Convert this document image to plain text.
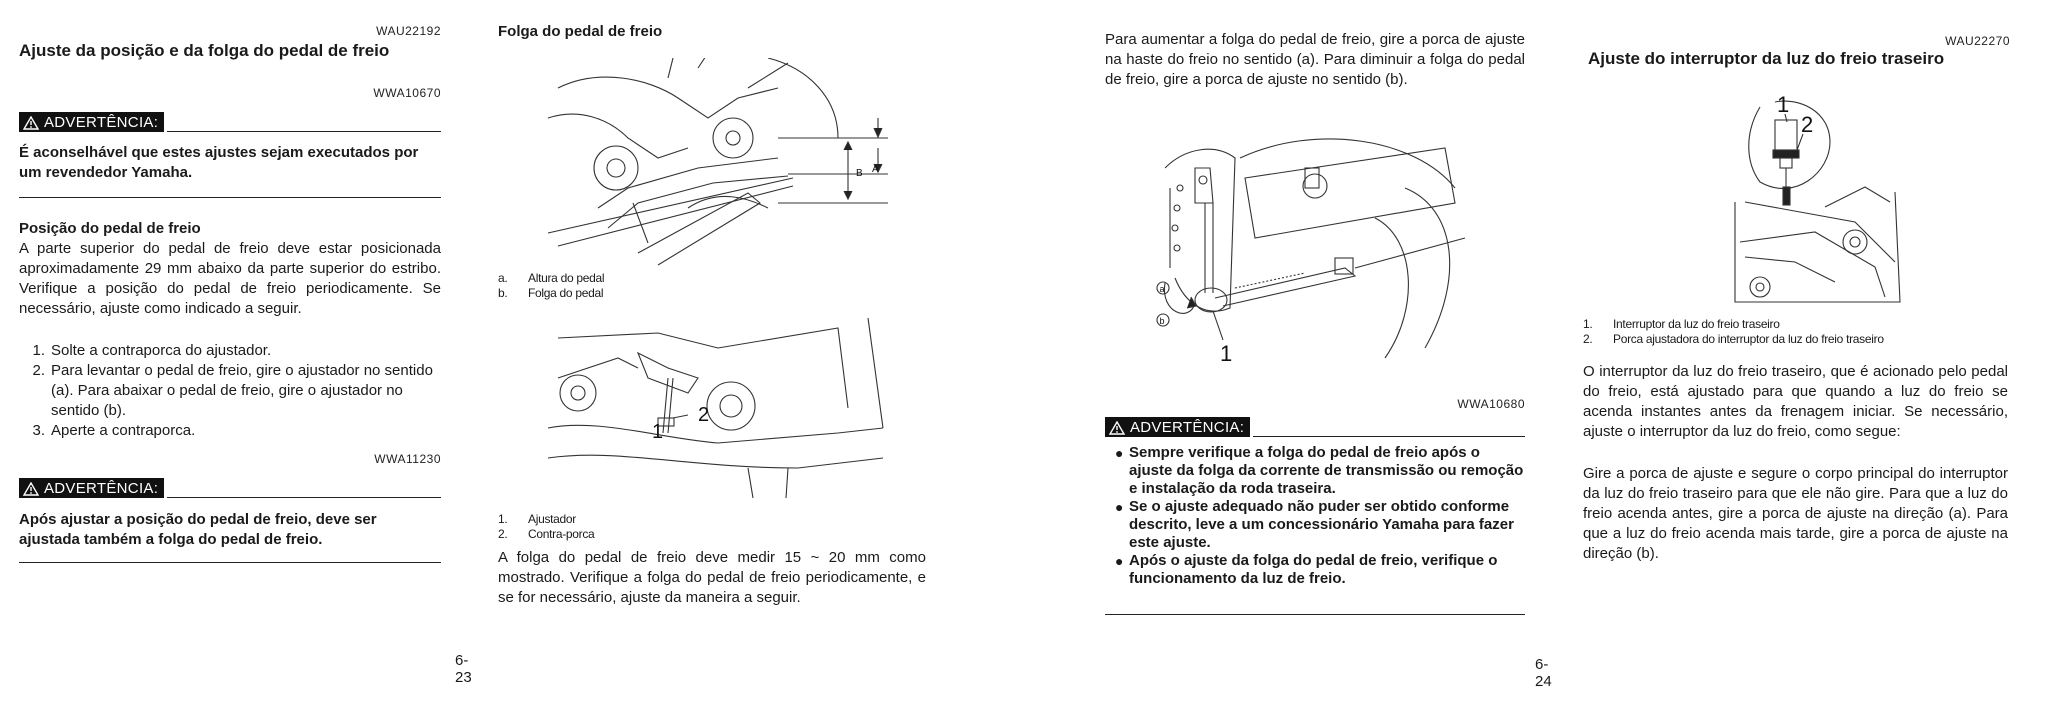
WAU22192
Ajuste da posição e da folga do pedal de freio
WWA10670
ADVERTÊNCIA:
É aconselhável que estes ajustes sejam executados por um revendedor Yamaha.
Posição do pedal de freio
A parte superior do pedal de freio deve estar posicionada aproximadamente 29 mm abaixo da parte superior do estribo. Verifique a posição do pedal de freio periodicamente. Se necessário, ajuste como indicado a seguir.
1. Solte a contraporca do ajustador.
2. Para levantar o pedal de freio, gire o ajustador no sentido (a). Para abaixar o pedal de freio, gire o ajustador no sentido (b).
3. Aperte a contraporca.
WWA11230
ADVERTÊNCIA:
Após ajustar a posição do pedal de freio, deve ser ajustada também a folga do pedal de freio.
Folga do pedal de freio
B A
a. Altura do pedal
b. Folga do pedal
1
2
1. Ajustador
2. Contra-porca
A folga do pedal de freio deve medir 15 ~ 20 mm como mostrado. Verifique a folga do pedal de freio periodicamente, e se for necessário, ajuste da maneira a seguir.
6-23
Para aumentar a folga do pedal de freio, gire a porca de ajuste na haste do freio no sentido (a). Para diminuir a folga do pedal de freio, gire a porca de ajuste no sentido (b).
a
b
1
WWA10680
ADVERTÊNCIA:
● Sempre verifique a folga do pedal de freio após o ajuste da folga da corrente de transmissão ou remoção e instalação da roda traseira.
● Se o ajuste adequado não puder ser obtido conforme descrito, leve a um concessionário Yamaha para fazer este ajuste.
● Após o ajuste da folga do pedal de freio, verifique o funcionamento da luz de freio.
WAU22270
Ajuste do interruptor da luz do freio traseiro
1
2
1. Interruptor da luz do freio traseiro
2. Porca ajustadora do interruptor da luz do freio traseiro
O interruptor da luz do freio traseiro, que é acionado pelo pedal do freio, está ajustado para que quando a luz do freio se acenda instantes antes da frenagem iniciar. Se necessário, ajuste o interruptor da luz do freio, como segue:
Gire a porca de ajuste e segure o corpo principal do interruptor da luz do freio traseiro para que ele não gire. Para que a luz do freio acenda antes, gire a porca de ajuste na direção (a). Para que a luz do freio acenda mais tarde, gire a porca de ajuste na direção (b).
6-24
